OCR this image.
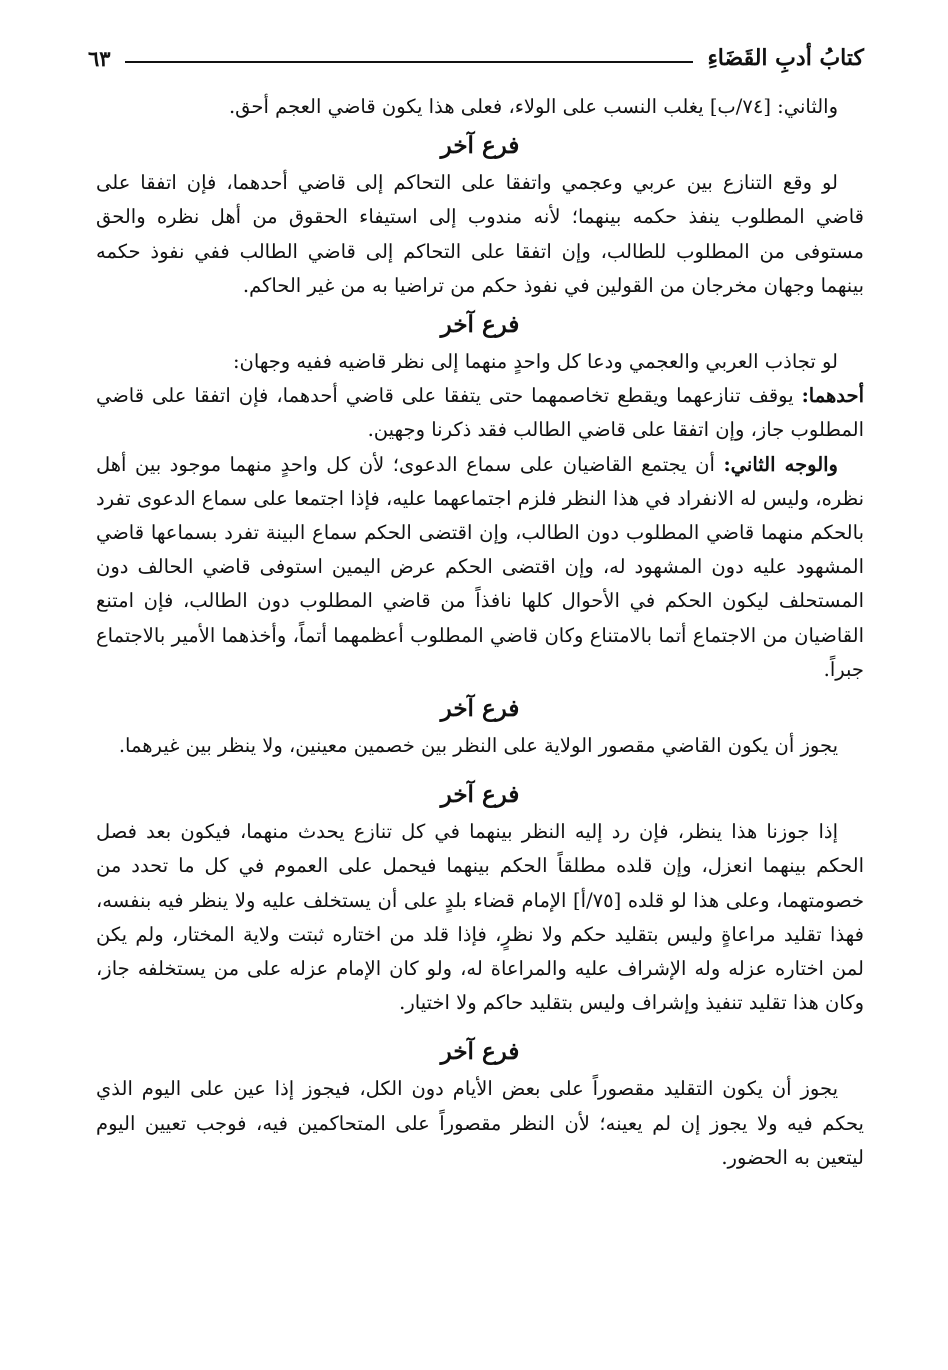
كتابُ أدبِ القَضَاءِ
٦٣

والثاني: [٧٤/ب] يغلب النسب على الولاء، فعلى هذا يكون قاضي العجم أحق.

فرع آخر

لو وقع التنازع بين عربي وعجمي واتفقا على التحاكم إلى قاضي أحدهما، فإن اتفقا على قاضي المطلوب ينفذ حكمه بينهما؛ لأنه مندوب إلى استيفاء الحقوق من أهل نظره والحق مستوفى من المطلوب للطالب، وإن اتفقا على التحاكم إلى قاضي الطالب ففي نفوذ حكمه بينهما وجهان مخرجان من القولين في نفوذ حكم من تراضيا به من غير الحاكم.

فرع آخر

لو تجاذب العربي والعجمي ودعا كل واحدٍ منهما إلى نظر قاضيه ففيه وجهان:

أحدهما: يوقف تنازعهما ويقطع تخاصمهما حتى يتفقا على قاضي أحدهما، فإن اتفقا على قاضي المطلوب جاز، وإن اتفقا على قاضي الطالب فقد ذكرنا وجهين.

والوجه الثاني: أن يجتمع القاضيان على سماع الدعوى؛ لأن كل واحدٍ منهما موجود بين أهل نظره، وليس له الانفراد في هذا النظر فلزم اجتماعهما عليه، فإذا اجتمعا على سماع الدعوى تفرد بالحكم منهما قاضي المطلوب دون الطالب، وإن اقتضى الحكم سماع البينة تفرد بسماعها قاضي المشهود عليه دون المشهود له، وإن اقتضى الحكم عرض اليمين استوفى قاضي الحالف دون المستحلف ليكون الحكم في الأحوال كلها نافذاً من قاضي المطلوب دون الطالب، فإن امتنع القاضيان من الاجتماع أتما بالامتناع وكان قاضي المطلوب أعظمهما أتماً، وأخذهما الأمير بالاجتماع جبراً.

فرع آخر

يجوز أن يكون القاضي مقصور الولاية على النظر بين خصمين معينين، ولا ينظر بين غيرهما.

فرع آخر

إذا جوزنا هذا ينظر، فإن رد إليه النظر بينهما في كل تنازع يحدث منهما، فيكون بعد فصل الحكم بينهما انعزل، وإن قلده مطلقاً الحكم بينهما فيحمل على العموم في كل ما تحدد من خصومتهما، وعلى هذا لو قلده [٧٥/أ] الإمام قضاء بلدٍ على أن يستخلف عليه ولا ينظر فيه بنفسه، فهذا تقليد مراعاةٍ وليس بتقليد حكم ولا نظرٍ، فإذا قلد من اختاره ثبتت ولاية المختار، ولم يكن لمن اختاره عزله وله الإشراف عليه والمراعاة له، ولو كان الإمام عزله على من يستخلفه جاز، وكان هذا تقليد تنفيذ وإشراف وليس بتقليد حاكم ولا اختيار.

فرع آخر

يجوز أن يكون التقليد مقصوراً على بعض الأيام دون الكل، فيجوز إذا عين على اليوم الذي يحكم فيه ولا يجوز إن لم يعينه؛ لأن النظر مقصوراً على المتحاكمين فيه، فوجب تعيين اليوم ليتعين به الحضور.
